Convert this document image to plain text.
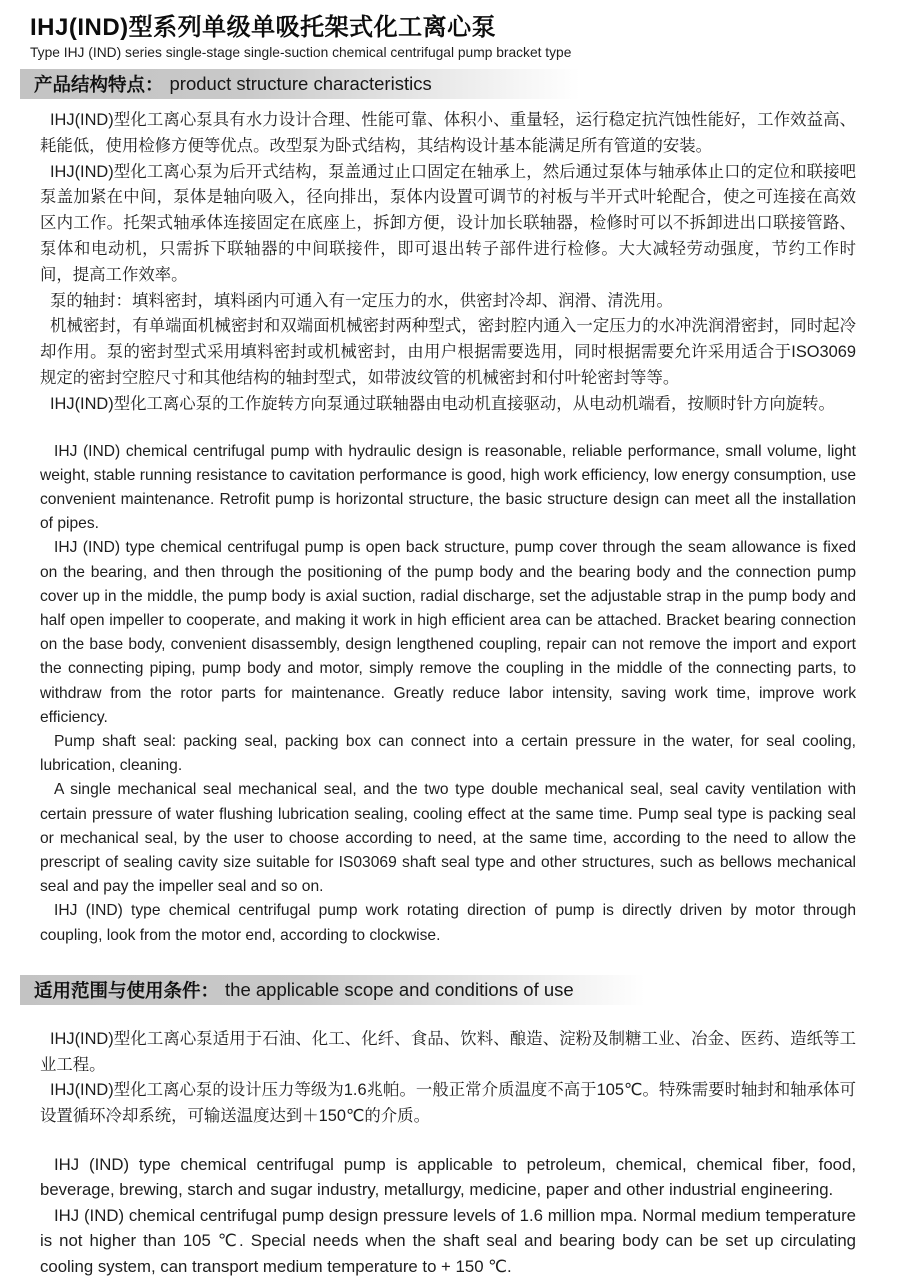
IHJ(IND)型系列单级单吸托架式化工离心泵
Type IHJ (IND) series single-stage single-suction chemical centrifugal pump bracket type
产品结构特点： product structure characteristics

IHJ(IND)型化工离心泵具有水力设计合理、性能可靠、体积小、重量轻，运行稳定抗汽蚀性能好，工作效益高、耗能低，使用检修方便等优点。改型泵为卧式结构，其结构设计基本能满足所有管道的安装。

IHJ(IND)型化工离心泵为后开式结构，泵盖通过止口固定在轴承上，然后通过泵体与轴承体止口的定位和联接吧泵盖加紧在中间，泵体是轴向吸入，径向排出，泵体内设置可调节的衬板与半开式叶轮配合，使之可连接在高效区内工作。托架式轴承体连接固定在底座上，拆卸方便，设计加长联轴器，检修时可以不拆卸进出口联接管路、泵体和电动机，只需拆下联轴器的中间联接件，即可退出转子部件进行检修。大大减轻劳动强度，节约工作时间，提高工作效率。

泵的轴封：填料密封，填料函内可通入有一定压力的水，供密封冷却、润滑、清洗用。

机械密封，有单端面机械密封和双端面机械密封两种型式，密封腔内通入一定压力的水冲洗润滑密封，同时起冷却作用。泵的密封型式采用填料密封或机械密封，由用户根据需要选用，同时根据需要允许采用适合于ISO3069规定的密封空腔尺寸和其他结构的轴封型式，如带波纹管的机械密封和付叶轮密封等等。

IHJ(IND)型化工离心泵的工作旋转方向泵通过联轴器由电动机直接驱动，从电动机端看，按顺时针方向旋转。

IHJ (IND) chemical centrifugal pump with hydraulic design is reasonable, reliable performance, small volume, light weight, stable running resistance to cavitation performance is good, high work efficiency, low energy consumption, use convenient maintenance. Retrofit pump is horizontal structure, the basic structure design can meet all the installation of pipes.

IHJ (IND) type chemical centrifugal pump is open back structure, pump cover through the seam allowance is fixed on the bearing, and then through the positioning of the pump body and the bearing body and the connection pump cover up in the middle, the pump body is axial suction, radial discharge, set the adjustable strap in the pump body and half open impeller to cooperate, and making it work in high efficient area can be attached. Bracket bearing connection on the base body, convenient disassembly, design lengthened coupling, repair can not remove the import and export the connecting piping, pump body and motor, simply remove the coupling in the middle of the connecting parts, to withdraw from the rotor parts for maintenance. Greatly reduce labor intensity, saving work time, improve work efficiency.

Pump shaft seal: packing seal, packing box can connect into a certain pressure in the water, for seal cooling, lubrication, cleaning.

A single mechanical seal mechanical seal, and the two type double mechanical seal, seal cavity ventilation with certain pressure of water flushing lubrication sealing, cooling effect at the same time. Pump seal type is packing seal or mechanical seal, by the user to choose according to need, at the same time, according to the need to allow the prescript of sealing cavity size suitable for IS03069 shaft seal type and other structures, such as bellows mechanical seal and pay the impeller seal and so on.

IHJ (IND) type chemical centrifugal pump work rotating direction of pump is directly driven by motor through coupling, look from the motor end, according to clockwise.

适用范围与使用条件： the applicable scope and conditions of use

IHJ(IND)型化工离心泵适用于石油、化工、化纤、食品、饮料、酿造、淀粉及制糖工业、冶金、医药、造纸等工业工程。

IHJ(IND)型化工离心泵的设计压力等级为1.6兆帕。一般正常介质温度不高于105℃。特殊需要时轴封和轴承体可设置循环冷却系统，可输送温度达到＋150℃的介质。

IHJ (IND) type chemical centrifugal pump is applicable to petroleum, chemical, chemical fiber, food, beverage, brewing, starch and sugar industry, metallurgy, medicine, paper and other industrial engineering.

IHJ (IND) chemical centrifugal pump design pressure levels of 1.6 million mpa. Normal medium temperature is not higher than 105 ℃. Special needs when the shaft seal and bearing body can be set up circulating cooling system, can transport medium temperature to + 150 ℃.
